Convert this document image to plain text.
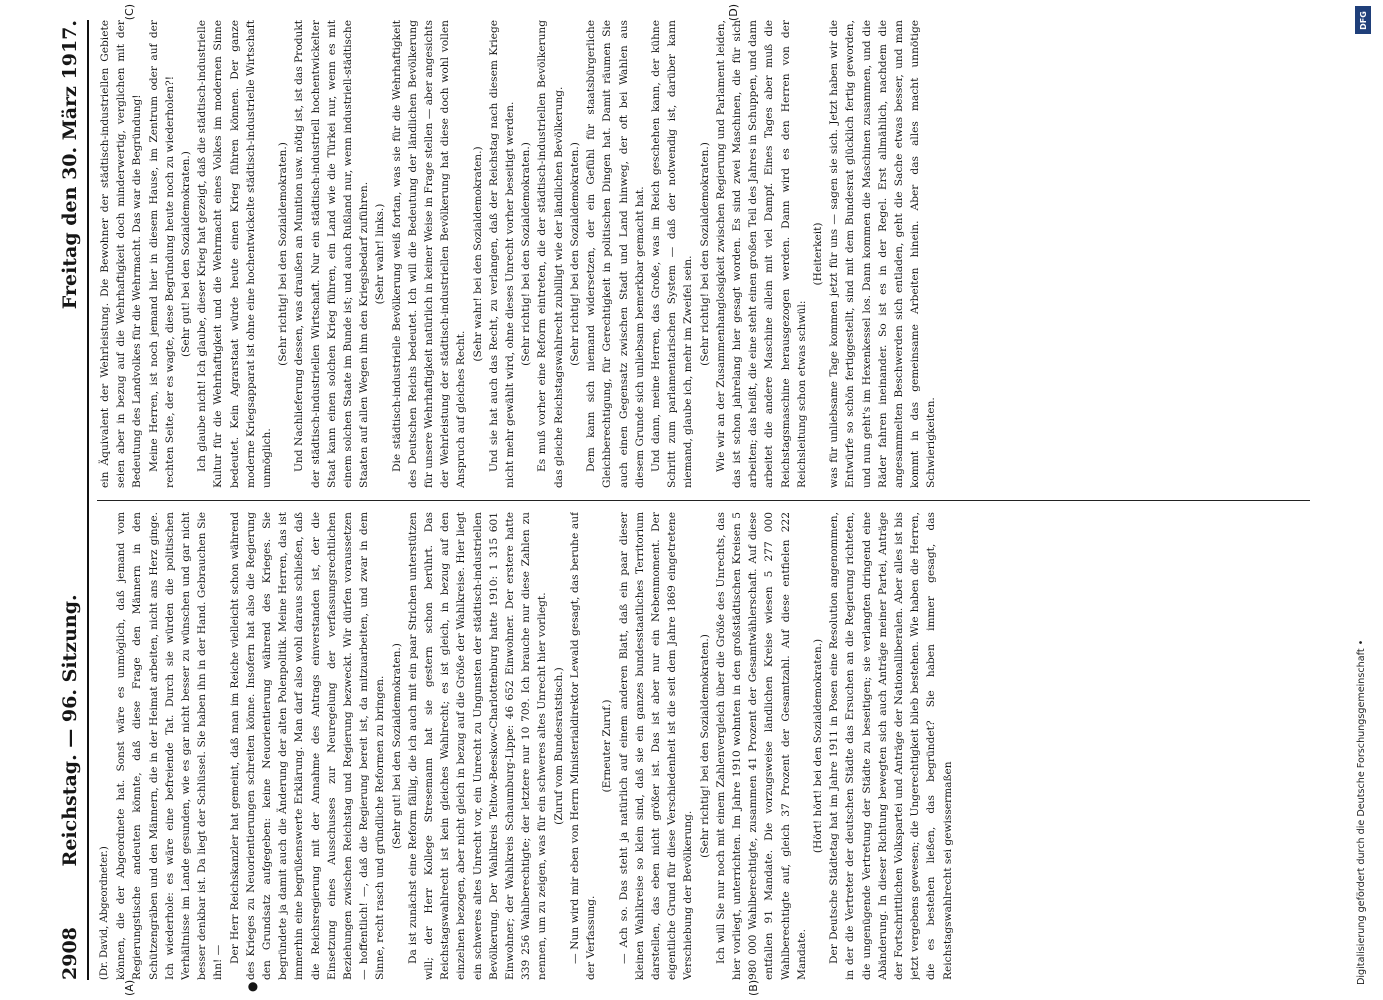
2908
Reichstag. — 96. Sitzung.
Freitag den 30. März 1917.

(Dr. David, Abgeordneter.) können, die der Abgeordnete hat. Sonst wäre es unmöglich, daß jemand vom Regierungstische andeuten könnte, daß diese Frage den Männern in den Schützengräben und den Männern, die in der Heimat arbeiten, nicht ans Herz ginge. Ich wiederhole: es wäre eine befreiende Tat. Durch sie würden die politischen Verhältnisse im Lande gesunden, wie es gar nicht besser zu wünschen und gar nicht besser denkbar ist. Da liegt der Schlüssel. Sie haben ihn in der Hand. Gebrauchen Sie ihn! — Der Herr Reichskanzler hat gemeint, daß man im Reiche vielleicht schon während des Krieges zu Neuorientierungen schreiten könne. Insofern hat also die Regierung den Grundsatz aufgegeben: keine Neuorientierung während des Krieges. Sie begründete ja damit auch die Änderung der alten Polenpolitik. Meine Herren, das ist immerhin eine begrüßenswerte Erklärung. Man darf also wohl daraus schließen, daß die Reichsregierung mit der Annahme des Antrags einverstanden ist, der die Einsetzung eines Ausschusses zur Neuregelung der verfassungsrechtlichen Beziehungen zwischen Reichstag und Regierung bezweckt. Wir dürfen voraussetzen — hoffentlich! —, daß die Regierung bereit ist, da mitzuarbeiten, und zwar in dem Sinne, recht rasch und gründliche Reformen zu bringen. (Sehr gut! bei den Sozialdemokraten.) Da ist zunächst eine Reform fällig, die ich auch mit ein paar Strichen unterstützen will; der Herr Kollege Stresemann hat sie gestern schon berührt. Das Reichstagswahlrecht ist kein gleiches Wahlrecht; es ist gleich, in bezug auf den einzelnen bezogen, aber nicht gleich in bezug auf die Größe der Wahlkreise. Hier liegt ein schweres altes Unrecht vor, ein Unrecht zu Ungunsten der städtisch-industriellen Bevölkerung. Der Wahlkreis Teltow-Beeskow-Charlottenburg hatte 1910: 1 315 601 Einwohner; der Wahlkreis Schaumburg-Lippe: 46 652 Einwohner. Der erstere hatte 339 256 Wahlberechtigte; der letztere nur 10 709. Ich brauche nur diese Zahlen zu nennen, um zu zeigen, was für ein schweres altes Unrecht hier vorliegt. (Zuruf vom Bundesratstisch.) — Nun wird mir eben von Herrn Ministerialdirektor Lewald gesagt, das beruhe auf der Verfassung.

(Erneuter Zuruf.) — Ach so. Das steht ja natürlich auf einem anderen Blatt, daß ein paar dieser kleinen Wahlkreise so klein sind, daß sie ein ganzes bundesstaatliches Territorium darstellen, das eben nicht größer ist. Das ist aber nur ein Nebenmoment. Der eigentliche Grund für diese Verschiedenheit ist die seit dem Jahre 1869 eingetretene Verschiebung der Bevölkerung.

(Sehr richtig! bei den Sozialdemokraten.) Ich will Sie nur noch mit einem Zahlenvergleich über die Größe des Unrechts, das hier vorliegt, unterrichten. Im Jahre 1910 wohnten in den großstädtischen Kreisen 5 980 000 Wahlberechtigte, zusammen 41 Prozent der Gesamtwählerschaft. Auf diese entfallen 91 Mandate. Die vorzugsweise ländlichen Kreise wiesen 5 277 000 Wahlberechtigte auf, gleich 37 Prozent der Gesamtzahl. Auf diese entfielen 222 Mandate.

(Hört! hört! bei den Sozialdemokraten.) Der Deutsche Städtetag hat im Jahre 1911 in Posen eine Resolution angenommen, in der die Vertreter der deutschen Städte das Ersuchen an die Regierung richteten, die ungenügende Vertretung der Städte zu beseitigen; sie verlangten dringend eine Abänderung. In dieser Richtung bewegten sich auch Anträge meiner Partei, Anträge der Fortschrittlichen Volkspartei und Anträge der Nationalliberalen. Aber alles ist bis jetzt vergebens gewesen; die Ungerechtigkeit blieb bestehen. Wie haben die Herren, die es bestehen ließen, das begründet? Sie haben immer gesagt, das Reichstagswahlrecht sei gewissermaßen

ein Äquivalent der Wehrleistung. Die Bewohner der städtisch-industriellen Gebiete seien aber in bezug auf die Wehrhaftigkeit doch minderwertig, verglichen mit der Bedeutung des Landvolkes für die Wehrmacht. Das war die Begründung! Meine Herren, ist noch jemand hier in diesem Hause, im Zentrum oder auf der rechten Seite, der es wagte, diese Begründung heute noch zu wiederholen?! (Sehr gut! bei den Sozialdemokraten.) Ich glaube nicht! Ich glaube, dieser Krieg hat gezeigt, daß die städtisch-industrielle Kultur für die Wehrhaftigkeit und die Wehrmacht eines Volkes im modernen Sinne bedeutet. Kein Agrarstaat würde heute einen Krieg führen können. Der ganze moderne Kriegsapparat ist ohne eine hochentwickelte städtisch-industrielle Wirtschaft unmöglich.

(Sehr richtig! bei den Sozialdemokraten.) Und Nachlieferung dessen, was draußen an Munition usw. nötig ist, ist das Produkt der städtisch-industriellen Wirtschaft. Nur ein städtisch-industriell hochentwickelter Staat kann einen solchen Krieg führen, ein Land wie die Türkei nur, wenn es mit einem solchen Staate im Bunde ist; und auch Rußland nur, wenn industriell-städtische Staaten auf allen Wegen ihm den Kriegsbedarf zuführen. (Sehr wahr! links.) Die städtisch-industrielle Bevölkerung weiß fortan, was sie für die Wehrhaftigkeit des Deutschen Reichs bedeutet. Ich will die Bedeutung der ländlichen Bevölkerung für unsere Wehrhaftigkeit natürlich in keiner Weise in Frage stellen — aber angesichts der Wehrleistung der städtisch-industriellen Bevölkerung hat diese doch wohl vollen Anspruch auf gleiches Recht.

(Sehr wahr! bei den Sozialdemokraten.) Und sie hat auch das Recht, zu verlangen, daß der Reichstag nach diesem Kriege nicht mehr gewählt wird, ohne dieses Unrecht vorher beseitigt werden. (Sehr richtig! bei den Sozialdemokraten.) Es muß vorher eine Reform eintreten, die der städtisch-industriellen Bevölkerung das gleiche Reichstagswahlrecht zubilligt wie der ländlichen Bevölkerung. (Sehr richtig! bei den Sozialdemokraten.) Dem kann sich niemand widersetzen, der ein Gefühl für staatsbürgerliche Gleichberechtigung, für Gerechtigkeit in politischen Dingen hat. Damit räumen Sie auch einen Gegensatz zwischen Stadt und Land hinweg, der oft bei Wahlen aus diesem Grunde sich unliebsam bemerkbar gemacht hat. Und dann, meine Herren, das Große, was im Reich geschehen kann, der kühne Schritt zum parlamentarischen System — daß der notwendig ist, darüber kann niemand, glaube ich, mehr im Zweifel sein.

(Sehr richtig! bei den Sozialdemokraten.) Wie wir an der Zusammenhanglosigkeit zwischen Regierung und Parlament leiden, das ist schon jahrelang hier gesagt worden. Es sind zwei Maschinen, die für sich arbeiten; das heißt, die eine steht einen großen Teil des Jahres in Schuppen, und dann arbeitet die andere Maschine allein mit viel Dampf. Eines Tages aber muß die Reichstagsmaschine herausgezogen werden. Dann wird es den Herren von der Reichsleitung schon etwas schwül:

(Heiterkeit) was für unliebsame Tage kommen jetzt für uns — sagen sie sich. Jetzt haben wir die Entwürfe so schön fertiggestellt, sind mit dem Bundesrat glücklich fertig geworden, und nun geht's im Hexenkessel los. Dann kommen die Maschinen zusammen, und die Räder fahren ineinander. So ist es in der Regel. Erst allmählich, nachdem die angesammelten Beschwerden sich entladen, geht die Sache etwas besser, und man kommt in das gemeinsame Arbeiten hinein. Aber das alles macht unnötige Schwierigkeiten.

(A)	(B)
(C)	(D)
●
DFG
Digitalisierung gefördert durch die Deutsche Forschungsgemeinschaft •
